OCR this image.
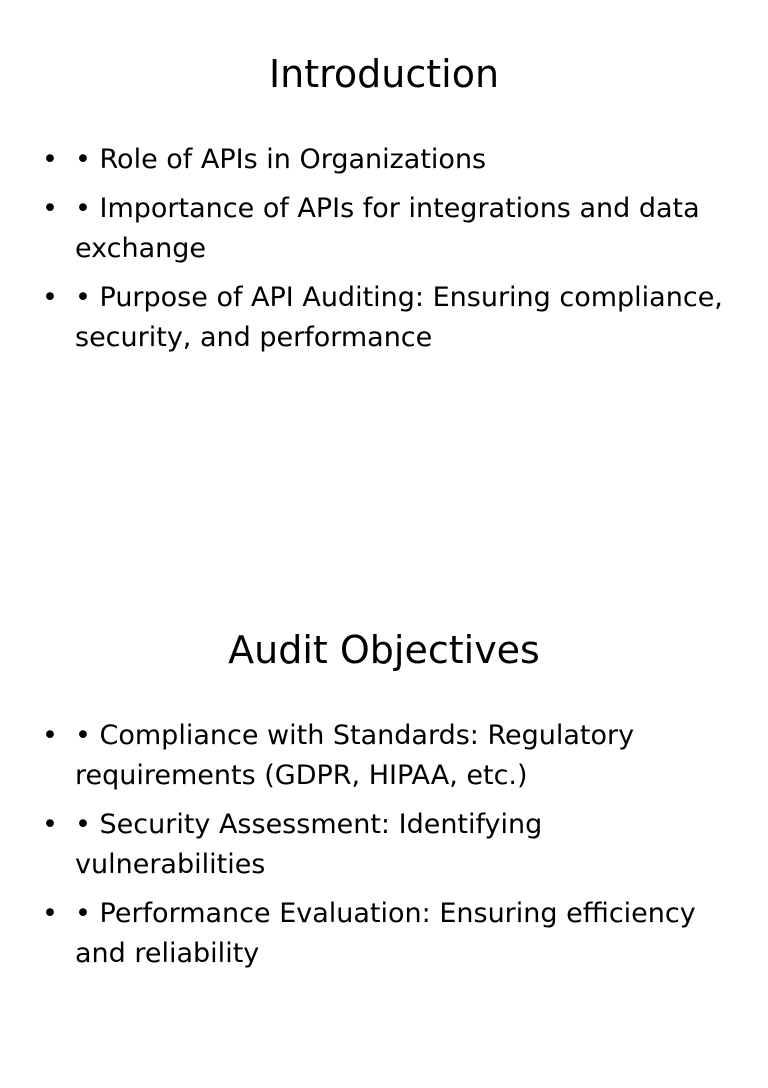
Introduction
• • Role of APIs in Organizations
• • Importance of APIs for integrations and data exchange
• • Purpose of API Auditing: Ensuring compliance, security, and performance
Audit Objectives
• • Compliance with Standards: Regulatory requirements (GDPR, HIPAA, etc.)
• • Security Assessment: Identifying vulnerabilities
• • Performance Evaluation: Ensuring efficiency and reliability
